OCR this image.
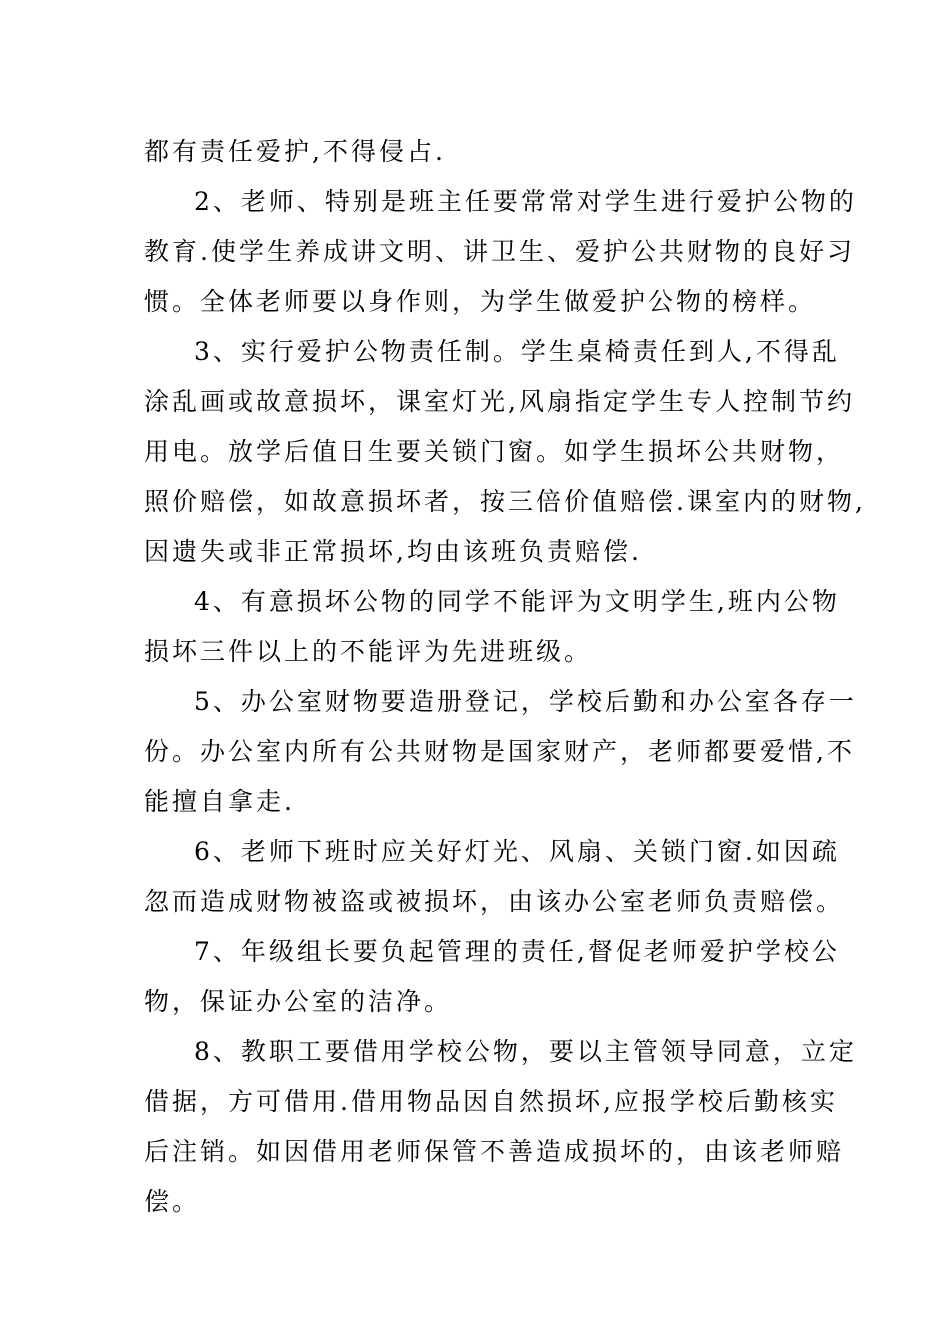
都有责任爱护,不得侵占.
2、老师、特别是班主任要常常对学生进行爱护公物的
教育.使学生养成讲文明、讲卫生、爱护公共财物的良好习
惯。全体老师要以身作则，为学生做爱护公物的榜样。
3、实行爱护公物责任制。学生桌椅责任到人,不得乱
涂乱画或故意损坏，课室灯光,风扇指定学生专人控制节约
用电。放学后值日生要关锁门窗。如学生损坏公共财物，
照价赔偿，如故意损坏者，按三倍价值赔偿.课室内的财物,
因遗失或非正常损坏,均由该班负责赔偿.
4、有意损坏公物的同学不能评为文明学生,班内公物
损坏三件以上的不能评为先进班级。
5、办公室财物要造册登记，学校后勤和办公室各存一
份。办公室内所有公共财物是国家财产，老师都要爱惜,不
能擅自拿走.
6、老师下班时应关好灯光、风扇、关锁门窗.如因疏
忽而造成财物被盗或被损坏，由该办公室老师负责赔偿。
7、年级组长要负起管理的责任,督促老师爱护学校公
物，保证办公室的洁净。
8、教职工要借用学校公物，要以主管领导同意，立定
借据，方可借用.借用物品因自然损坏,应报学校后勤核实
后注销。如因借用老师保管不善造成损坏的，由该老师赔
偿。
